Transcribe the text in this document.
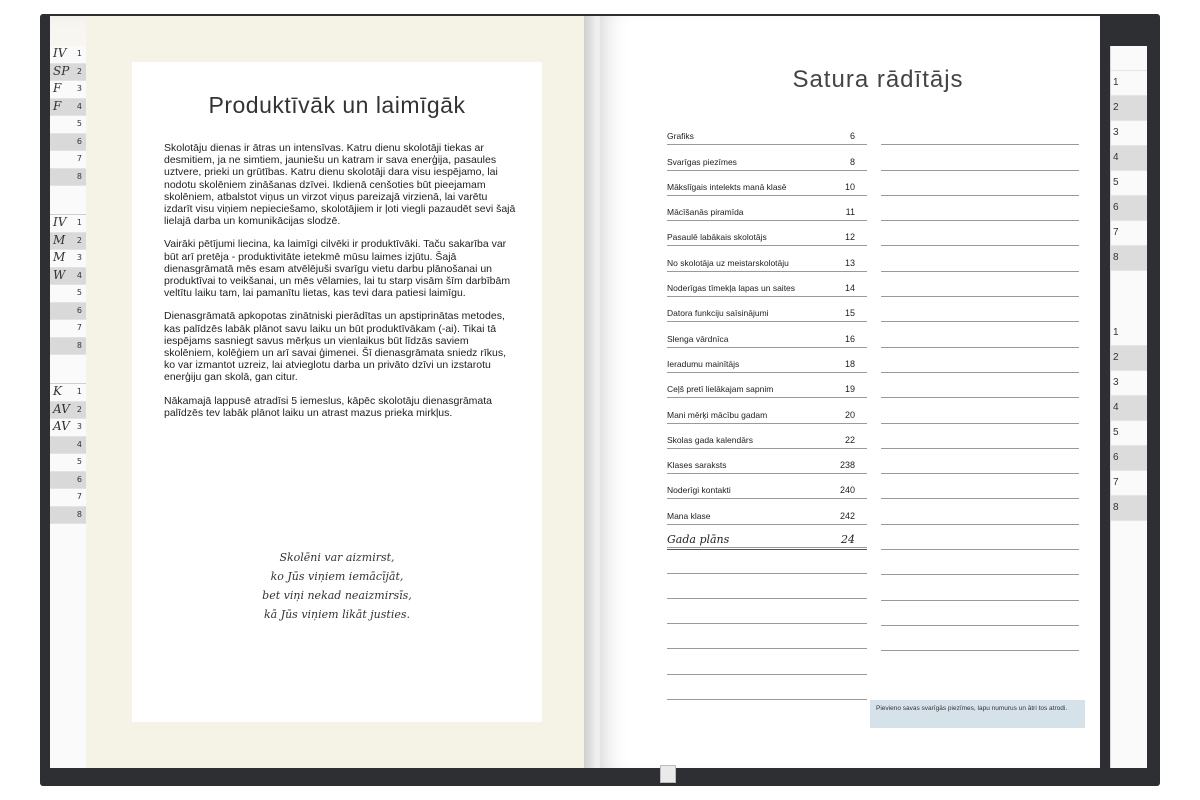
IV 1
SP 2
F 3
F 4
5
6
7
8
IV 1
M 2
M 3
W 4
5
6
7
8
K 1
AV 2
AV 3
4
5
6
7
8
Produktīvāk un laimīgāk

Skolotāju dienas ir ātras un intensīvas. Katru dienu skolotāji tiekas ar desmitiem, ja ne simtiem, jauniešu un katram ir sava enerģija, pasaules uztvere, prieki un grūtības. Katru dienu skolotāji dara visu iespējamo, lai nodotu skolēniem zināšanas dzīvei. Ikdienā cenšoties būt pieejamam skolēniem, atbalstot viņus un virzot viņus pareizajā virzienā, lai varētu izdarīt visu viņiem nepieciešamo, skolotājiem ir ļoti viegli pazaudēt sevi šajā lielajā darba un komunikācijas slodzē.

Vairāki pētījumi liecina, ka laimīgi cilvēki ir produktīvāki. Taču sakarība var būt arī pretēja - produktivitāte ietekmē mūsu laimes izjūtu. Šajā dienasgrāmatā mēs esam atvēlējuši svarīgu vietu darbu plānošanai un produktīvai to veikšanai, un mēs vēlamies, lai tu starp visām šīm darbībām veltītu laiku tam, lai pamanītu lietas, kas tevi dara patiesi laimīgu.

Dienasgrāmatā apkopotas zinātniski pierādītas un apstiprinātas metodes, kas palīdzēs labāk plānot savu laiku un būt produktīvākam (-ai). Tikai tā iespējams sasniegt savus mērķus un vienlaikus būt līdzās saviem skolēniem, kolēģiem un arī savai ģimenei. Šī dienasgrāmata sniedz rīkus, ko var izmantot uzreiz, lai atvieglotu darba un privāto dzīvi un izstarotu enerģiju gan skolā, gan citur.

Nākamajā lappusē atradīsi 5 iemeslus, kāpēc skolotāju dienasgrāmata palīdzēs tev labāk plānot laiku un atrast mazus prieka mirkļus.

Skolēni var aizmirst,
ko Jūs viņiem iemācījāt,
bet viņi nekad neaizmirsīs,
kā Jūs viņiem likāt justies.
Satura rādītājs
Grafiks	6
Svarīgas piezīmes	8
Mākslīgais intelekts manā klasē	10
Mācīšanās piramīda	11
Pasaulē labākais skolotājs	12
No skolotāja uz meistarskolotāju	13
Noderīgas tīmekļa lapas un saites	14
Datora funkciju saīsinājumi	15
Slenga vārdnīca	16
Ieradumu mainītājs	18
Ceļš pretī lielākajam sapnim	19
Mani mērķi mācību gadam	20
Skolas gada kalendārs	22
Klases saraksts	238
Noderīgi kontakti	240
Mana klase	242
Gada plāns	24
Pievieno savas svarīgās piezīmes, lapu numurus un ātri tos atrodi.
1
2
3
4
5
6
7
8
1
2
3
4
5
6
7
8
